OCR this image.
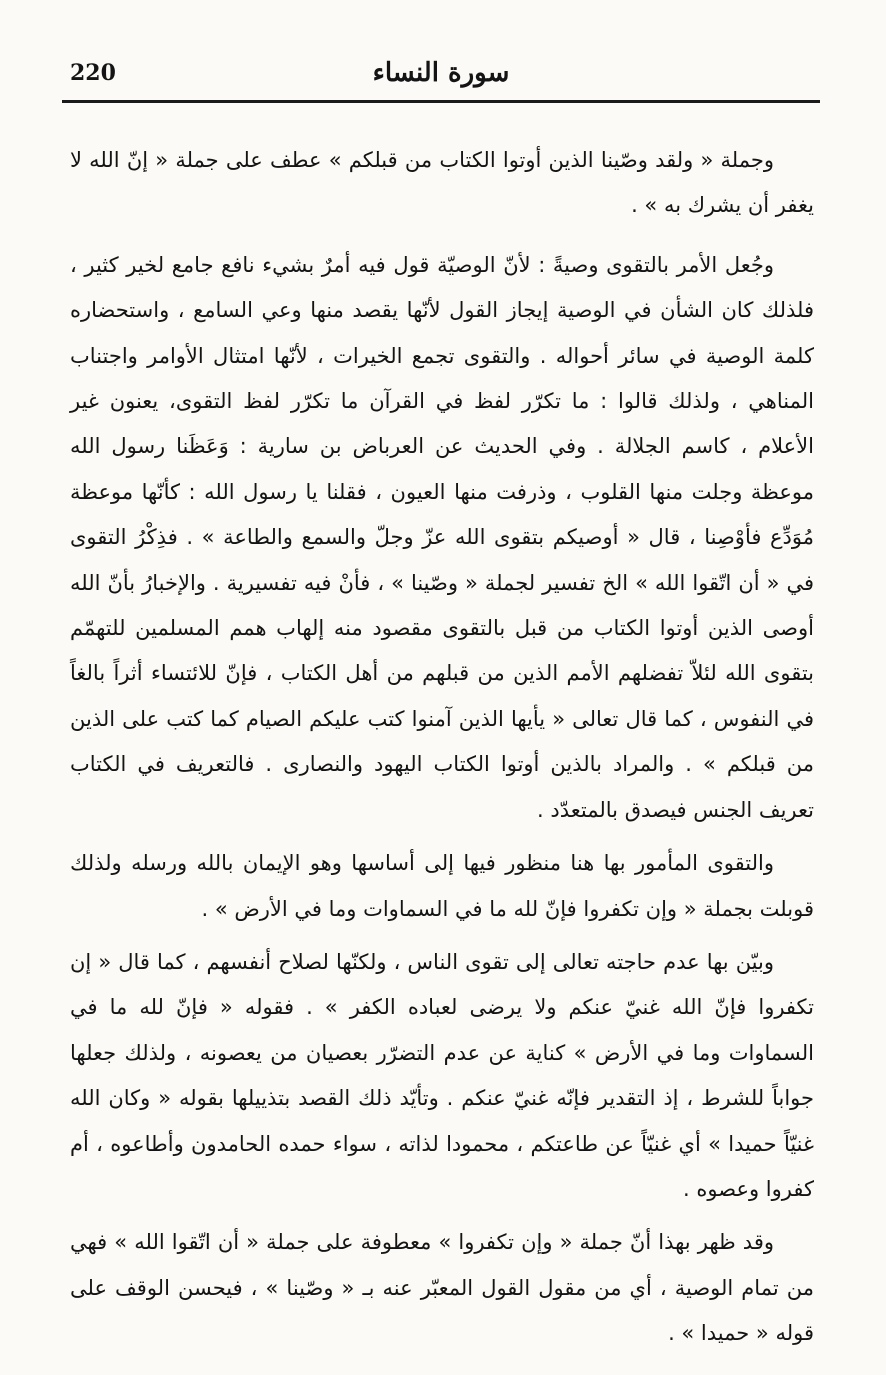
220	سورة النساء

وجملة « ولقد وصّينا الذين أوتوا الكتاب من قبلكم » عطف على جملة « إنّ الله لا يغفر أن يشرك به » .

وجُعل الأمر بالتقوى وصيةً : لأنّ الوصيّة قول فيه أمرٌ بشيء نافع جامع لخير كثير ، فلذلك كان الشأن في الوصية إيجاز القول لأنّها يقصد منها وعي السامع ، واستحضاره كلمة الوصية في سائر أحواله . والتقوى تجمع الخيرات ، لأنّها امتثال الأوامر واجتناب المناهي ، ولذلك قالوا : ما تكرّر لفظ في القرآن ما تكرّر لفظ التقوى، يعنون غير الأعلام ، كاسم الجلالة . وفي الحديث عن العرباض بن سارية : وَعَظَنا رسول الله موعظة وجلت منها القلوب ، وذرفت منها العيون ، فقلنا يا رسول الله : كأنّها موعظة مُوَدِّع فأوْصِنا ، قال « أوصيكم بتقوى الله عزّ وجلّ والسمع والطاعة » . فذِكْرُ التقوى في « أن اتّقوا الله » الخ تفسير لجملة « وصّينا » ، فأنْ فيه تفسيرية . والإخبارُ بأنّ الله أوصى الذين أوتوا الكتاب من قبل بالتقوى مقصود منه إلهاب همم المسلمين للتهمّم بتقوى الله لئلاّ تفضلهم الأمم الذين من قبلهم من أهل الكتاب ، فإنّ للائتساء أثراً بالغاً في النفوس ، كما قال تعالى « يأيها الذين آمنوا كتب عليكم الصيام كما كتب على الذين من قبلكم » . والمراد بالذين أوتوا الكتاب اليهود والنصارى . فالتعريف في الكتاب تعريف الجنس فيصدق بالمتعدّد .

والتقوى المأمور بها هنا منظور فيها إلى أساسها وهو الإيمان بالله ورسله ولذلك قوبلت بجملة « وإن تكفروا فإنّ لله ما في السماوات وما في الأرض » .

وبيّن بها عدم حاجته تعالى إلى تقوى الناس ، ولكنّها لصلاح أنفسهم ، كما قال « إن تكفروا فإنّ الله غنيّ عنكم ولا يرضى لعباده الكفر » . فقوله « فإنّ لله ما في السماوات وما في الأرض » كناية عن عدم التضرّر بعصيان من يعصونه ، ولذلك جعلها جواباً للشرط ، إذ التقدير فإنّه غنيّ عنكم . وتأيّد ذلك القصد بتذييلها بقوله « وكان الله غنيّاً حميدا » أي غنيّاً عن طاعتكم ، محمودا لذاته ، سواء حمده الحامدون وأطاعوه ، أم كفروا وعصوه .

وقد ظهر بهذا أنّ جملة « وإن تكفروا » معطوفة على جملة « أن اتّقوا الله » فهي من تمام الوصية ، أي من مقول القول المعبّر عنه بـ « وصّينا » ، فيحسن الوقف على قوله « حميدا » .
